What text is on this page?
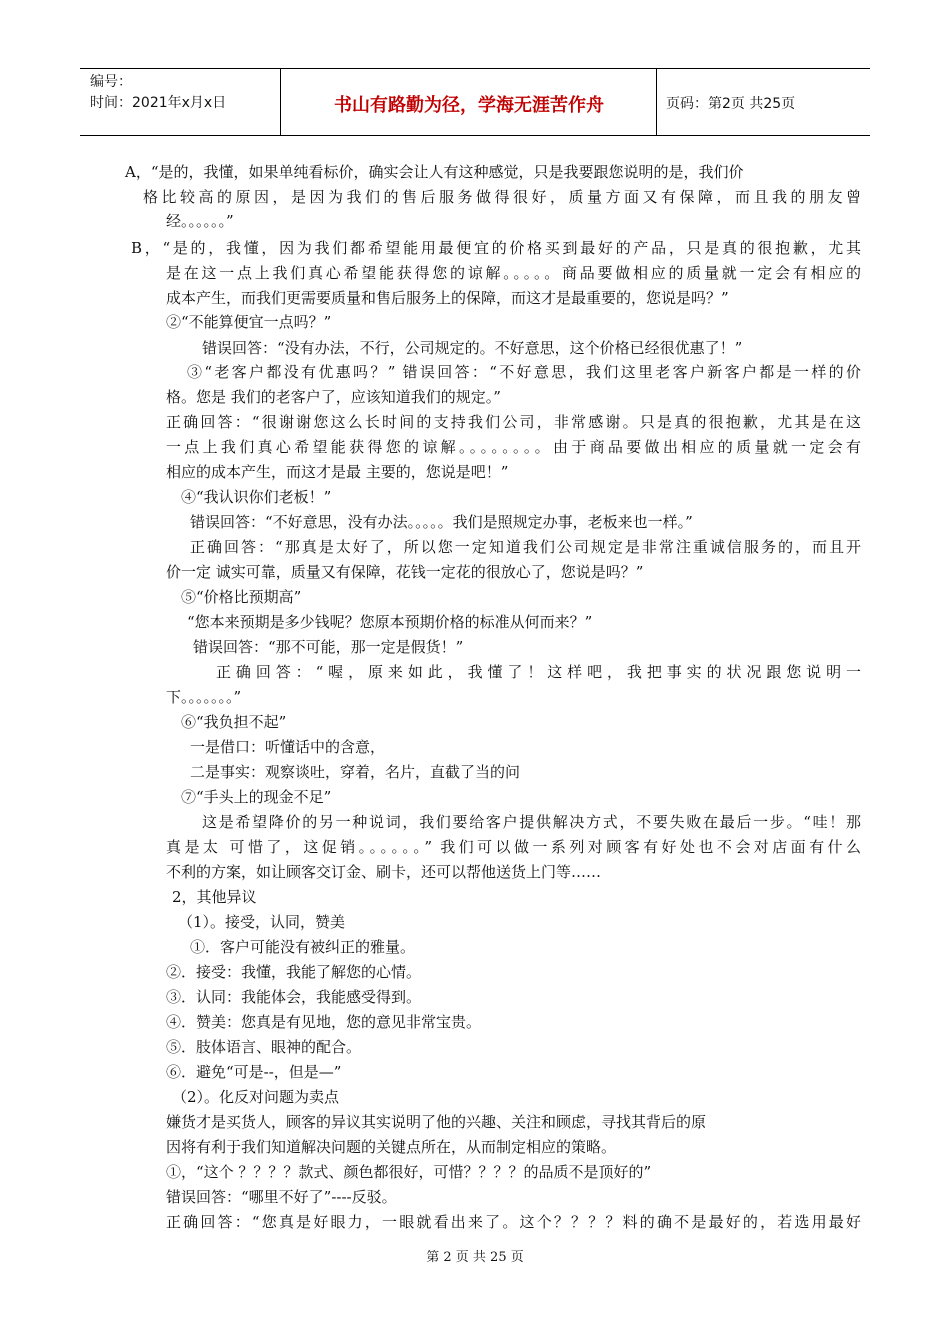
编号：
时间：2021年x月x日	书山有路勤为径，学海无涯苦作舟	页码：第2页 共25页
A，“是的，我懂，如果单纯看标价，确实会让人有这种感觉，只是我要跟您说明的是，我们价
格比较高的原因，是因为我们的售后服务做得很好，质量方面又有保障，而且我的朋友曾
经。。。。。。”
B，“是的，我懂，因为我们都希望能用最便宜的价格买到最好的产品，只是真的很抱歉，尤其
是在这一点上我们真心希望能获得您的谅解。。。。。商品要做相应的质量就一定会有相应的
成本产生，而我们更需要质量和售后服务上的保障，而这才是最重要的，您说是吗？”
②“不能算便宜一点吗？”
错误回答：“没有办法，不行，公司规定的。不好意思，这个价格已经很优惠了！”
③“老客户都没有优惠吗？” 错误回答：“不好意思，我们这里老客户新客户都是一样的价
格。您是 我们的老客户了，应该知道我们的规定。”
正确回答：“很谢谢您这么长时间的支持我们公司，非常感谢。只是真的很抱歉，尤其是在这
一点上我们真心希望能获得您的谅解。。。。。。。。由于商品要做出相应的质量就一定会有
相应的成本产生，而这才是最 主要的，您说是吧！”
④“我认识你们老板！”
错误回答：“不好意思，没有办法。。。。。我们是照规定办事，老板来也一样。”
正确回答：“那真是太好了，所以您一定知道我们公司规定是非常注重诚信服务的，而且开
价一定 诚实可靠，质量又有保障，花钱一定花的很放心了，您说是吗？”
⑤“价格比预期高”
“您本来预期是多少钱呢？您原本预期价格的标准从何而来？”
错误回答：“那不可能，那一定是假货！”
正确回答：“喔，原来如此，我懂了！这样吧，我把事实的状况跟您说明一
下。。。。。。。”
⑥“我负担不起”
一是借口：听懂话中的含意，
二是事实：观察谈吐，穿着，名片，直截了当的问
⑦“手头上的现金不足”
这是希望降价的另一种说词，我们要给客户提供解决方式，不要失败在最后一步。“哇！那
真是太 可惜了，这促销。。。。。。” 我们可以做一系列对顾客有好处也不会对店面有什么
不利的方案，如让顾客交订金、刷卡，还可以帮他送货上门等……
2，其他异议
（1）。接受，认同，赞美
①．客户可能没有被纠正的雅量。
②．接受：我懂，我能了解您的心情。
③．认同：我能体会，我能感受得到。
④．赞美：您真是有见地，您的意见非常宝贵。
⑤．肢体语言、眼神的配合。
⑥．避免“可是--，但是—”
（2）。化反对问题为卖点
嫌货才是买货人，顾客的异议其实说明了他的兴趣、关注和顾虑，寻找其背后的原
因将有利于我们知道解决问题的关键点所在，从而制定相应的策略。
①，“这个 ？？？？款式、颜色都很好，可惜？？？？的品质不是顶好的”
错误回答：“哪里不好了”----反驳。
正确回答：“您真是好眼力，一眼就看出来了。这个？？？？料的确不是最好的，若选用最好
第 2 页 共 25 页
